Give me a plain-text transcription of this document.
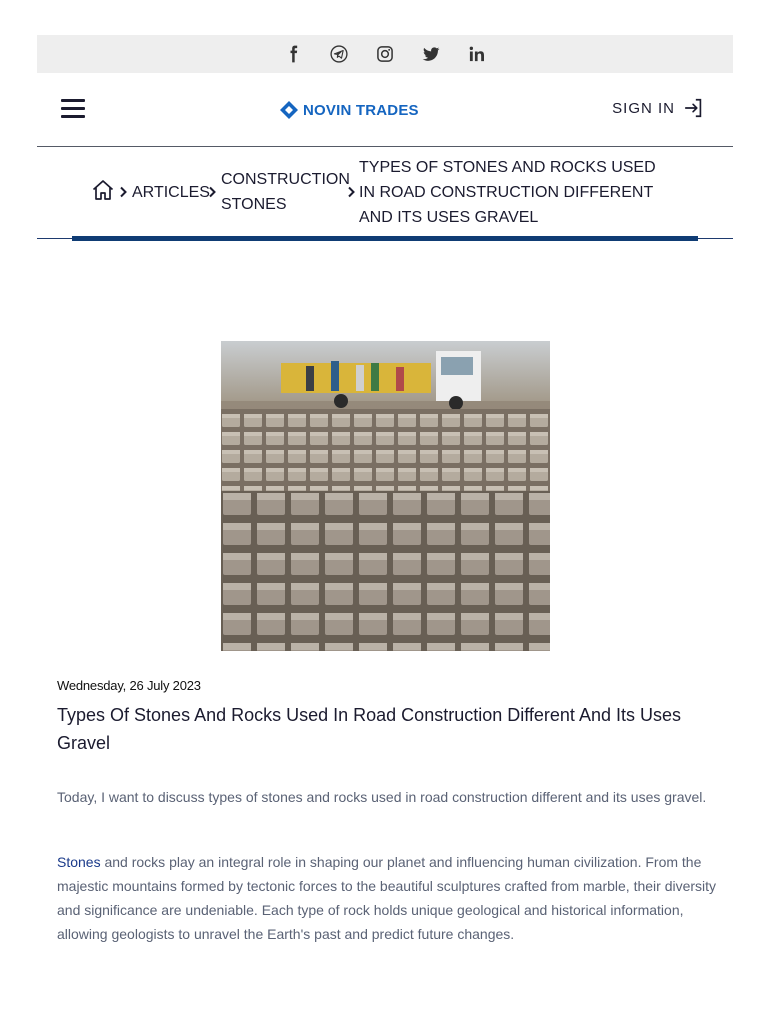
NOVIN TRADES	SIGN IN
ARTICLES
CONSTRUCTION STONES
TYPES OF STONES AND ROCKS USED IN ROAD CONSTRUCTION DIFFERENT AND ITS USES GRAVEL
Wednesday, 26 July 2023
Types Of Stones And Rocks Used In Road Construction Different And Its Uses Gravel

Today, I want to discuss types of stones and rocks used in road construction different and its uses gravel.

Stones and rocks play an integral role in shaping our planet and influencing human civilization. From the majestic mountains formed by tectonic forces to the beautiful sculptures crafted from marble, their diversity and significance are undeniable. Each type of rock holds unique geological and historical information, allowing geologists to unravel the Earth's past and predict future changes.
